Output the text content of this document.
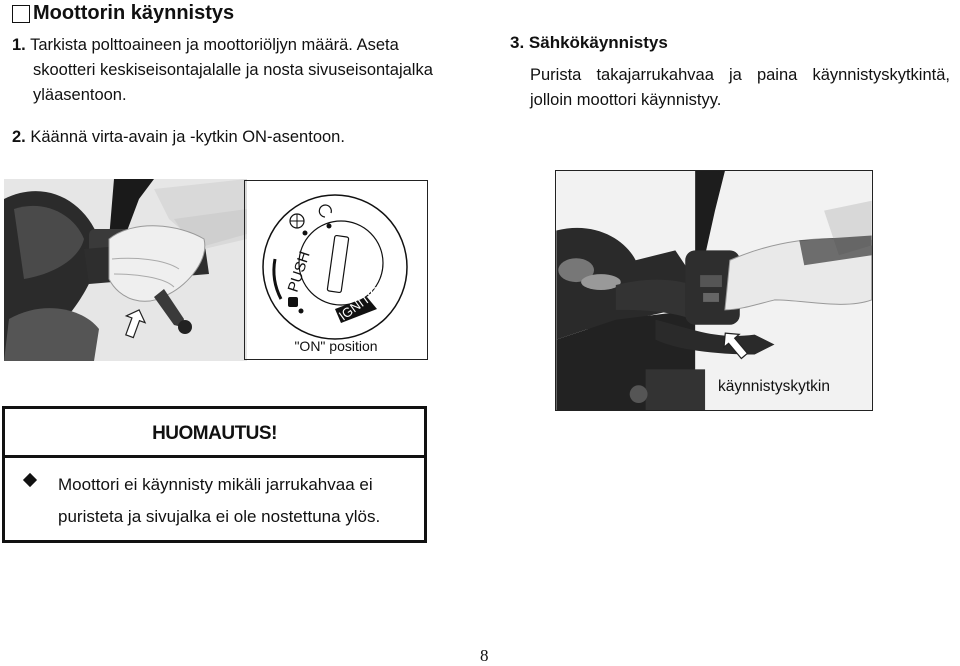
Moottorin käynnistys
1. Tarkista polttoaineen ja moottoriöljyn määrä. Aseta
skootteri keskiseisontajalalle ja nosta sivuseisontajalka
yläasentoon.
2. Käännä virta-avain ja -kytkin ON-asentoon.
3. Sähkökäynnistys
Purista takajarrukahvaa ja paina käynnistyskytkintä,
jolloin moottori käynnistyy.
PUSH
IGNITION
"ON" position
käynnistyskytkin
HUOMAUTUS!
Moottori ei käynnisty mikäli jarrukahvaa ei
puristeta ja sivujalka ei ole nostettuna ylös.
8
